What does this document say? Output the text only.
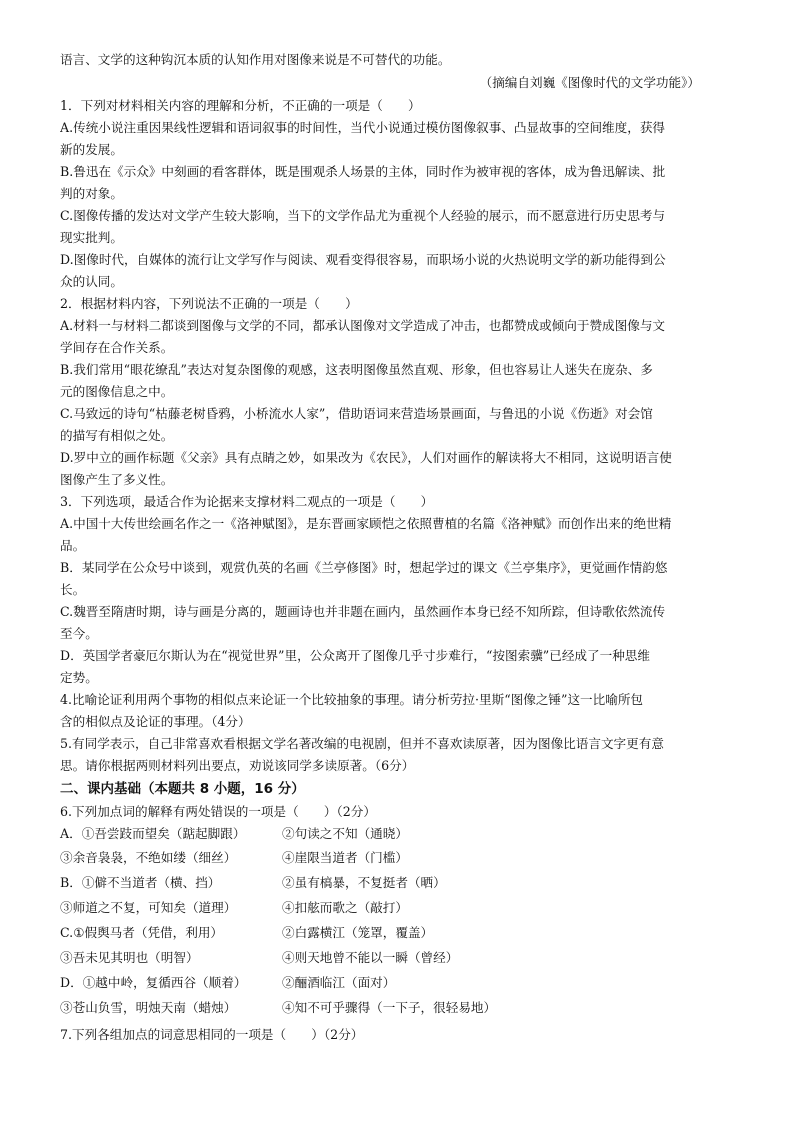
语言、文学的这种钩沉本质的认知作用对图像来说是不可替代的功能。
（摘编自刘巍《图像时代的文学功能》）
1．下列对材料相关内容的理解和分析，不正确的一项是（　　）
A.传统小说注重因果线性逻辑和语词叙事的时间性，当代小说通过模仿图像叙事、凸显故事的空间维度，获得
新的发展。
B.鲁迅在《示众》中刻画的看客群体，既是围观杀人场景的主体，同时作为被审视的客体，成为鲁迅解读、批
判的对象。
C.图像传播的发达对文学产生较大影响，当下的文学作品尤为重视个人经验的展示，而不愿意进行历史思考与
现实批判。
D.图像时代，自媒体的流行让文学写作与阅读、观看变得很容易，而职场小说的火热说明文学的新功能得到公
众的认同。
2．根据材料内容，下列说法不正确的一项是（　　）
A.材料一与材料二都谈到图像与文学的不同，都承认图像对文学造成了冲击，也都赞成或倾向于赞成图像与文
学间存在合作关系。
B.我们常用“眼花缭乱”表达对复杂图像的观感，这表明图像虽然直观、形象，但也容易让人迷失在庞杂、多
元的图像信息之中。
C.马致远的诗句“枯藤老树昏鸦，小桥流水人家”，借助语词来营造场景画面，与鲁迅的小说《伤逝》对会馆
的描写有相似之处。
D.罗中立的画作标题《父亲》具有点睛之妙，如果改为《农民》，人们对画作的解读将大不相同，这说明语言使
图像产生了多义性。
3．下列选项，最适合作为论据来支撑材料二观点的一项是（　　）
A.中国十大传世绘画名作之一《洛神赋图》，是东晋画家顾恺之依照曹植的名篇《洛神赋》而创作出来的绝世精
品。
B．某同学在公众号中谈到，观赏仇英的名画《兰亭修图》时，想起学过的课文《兰亭集序》，更觉画作情韵悠
长。
C.魏晋至隋唐时期，诗与画是分离的，题画诗也并非题在画内，虽然画作本身已经不知所踪，但诗歌依然流传
至今。
D．英国学者豪厄尔斯认为在“视觉世界”里，公众离开了图像几乎寸步难行，“按图索骥”已经成了一种思维
定势。
4.比喻论证利用两个事物的相似点来论证一个比较抽象的事理。请分析劳拉·里斯“图像之锤”这一比喻所包
含的相似点及论证的事理。（4分）
5.有同学表示，自己非常喜欢看根据文学名著改编的电视剧，但并不喜欢读原著，因为图像比语言文字更有意
思。请你根据两则材料列出要点，劝说该同学多读原著。（6分）
二、课内基础（本题共 8 小题，16 分）
6.下列加点词的解释有两处错误的一项是（　　）（2分）
A．①吾尝跂而望矣（踮起脚跟）	②句读之不知（通晓）
③余音袅袅，不绝如缕（细丝）	④崖限当道者（门槛）
B．①僻不当道者（横、挡）	②虽有槁暴，不复挺者（晒）
③师道之不复，可知矣（道理）	④扣舷而歌之（敲打）
C.①假舆马者（凭借，利用）	②白露横江（笼罩，覆盖）
③吾未见其明也（明智）	④则天地曾不能以一瞬（曾经）
D．①越中岭，复循西谷（顺着）	②酾酒临江（面对）
③苍山负雪，明烛天南（蜡烛）	④知不可乎骤得（一下子，很轻易地）
7.下列各组加点的词意思相同的一项是（　　）（2分）
